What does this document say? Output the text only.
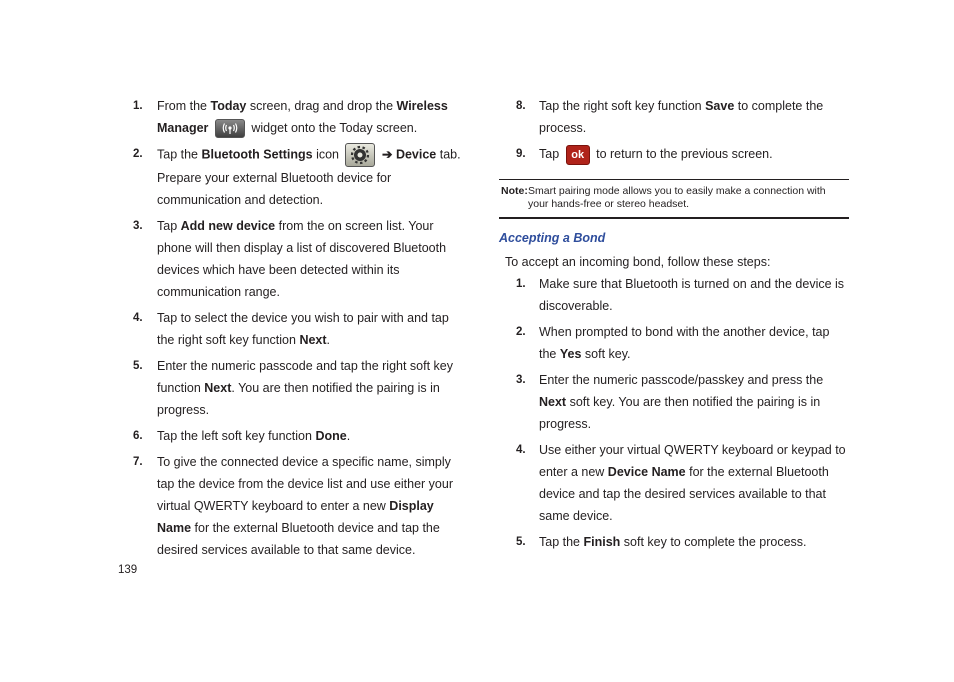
1. From the Today screen, drag and drop the Wireless Manager	widget onto the Today screen.
2. Tap the Bluetooth Settings icon	➔ Device tab. Prepare your external Bluetooth device for communication and detection.
3. Tap Add new device from the on screen list. Your phone will then display a list of discovered Bluetooth devices which have been detected within its communication range.
4. Tap to select the device you wish to pair with and tap the right soft key function Next.
5. Enter the numeric passcode and tap the right soft key function Next. You are then notified the pairing is in progress.
6. Tap the left soft key function Done.
7. To give the connected device a specific name, simply tap the device from the device list and use either your virtual QWERTY keyboard to enter a new Display Name for the external Bluetooth device and tap the desired services available to that same device.
8. Tap the right soft key function Save to complete the process.
9. Tap ok to return to the previous screen.
Note: Smart pairing mode allows you to easily make a connection with your hands-free or stereo headset.
Accepting a Bond
To accept an incoming bond, follow these steps:
1. Make sure that Bluetooth is turned on and the device is discoverable.
2. When prompted to bond with the another device, tap the Yes soft key.
3. Enter the numeric passcode/passkey and press the Next soft key. You are then notified the pairing is in progress.
4. Use either your virtual QWERTY keyboard or keypad to enter a new Device Name for the external Bluetooth device and tap the desired services available to that same device.
5. Tap the Finish soft key to complete the process.
139
